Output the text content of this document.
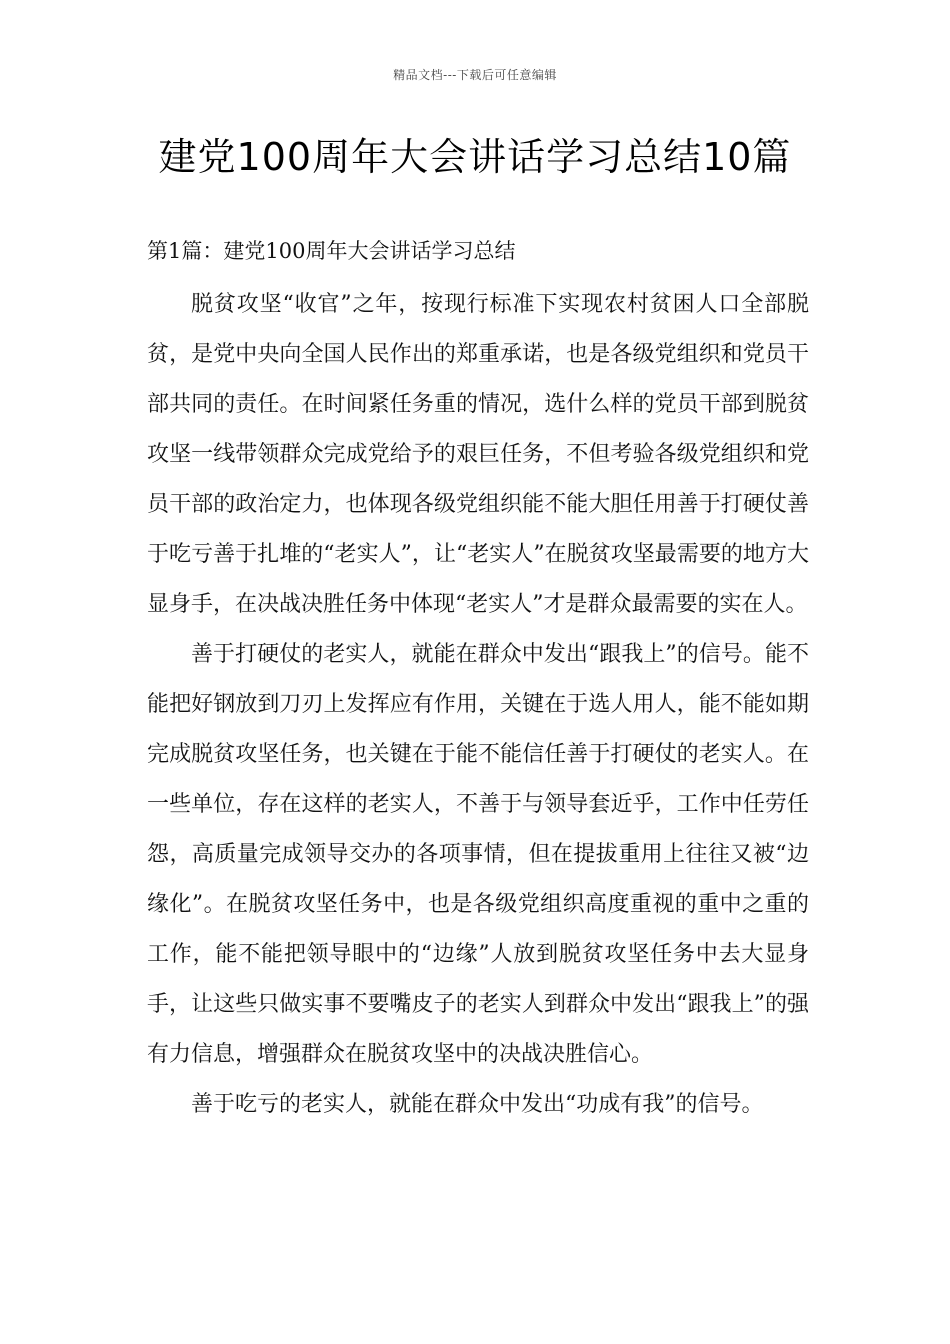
精品文档---下载后可任意编辑
建党100周年大会讲话学习总结10篇
第1篇：建党100周年大会讲话学习总结

脱贫攻坚“收官”之年，按现行标准下实现农村贫困人口全部脱贫，是党中央向全国人民作出的郑重承诺，也是各级党组织和党员干部共同的责任。在时间紧任务重的情况，选什么样的党员干部到脱贫攻坚一线带领群众完成党给予的艰巨任务，不但考验各级党组织和党员干部的政治定力，也体现各级党组织能不能大胆任用善于打硬仗善于吃亏善于扎堆的“老实人”，让“老实人”在脱贫攻坚最需要的地方大显身手，在决战决胜任务中体现“老实人”才是群众最需要的实在人。

善于打硬仗的老实人，就能在群众中发出“跟我上”的信号。能不能把好钢放到刀刃上发挥应有作用，关键在于选人用人，能不能如期完成脱贫攻坚任务，也关键在于能不能信任善于打硬仗的老实人。在一些单位，存在这样的老实人，不善于与领导套近乎，工作中任劳任怨，高质量完成领导交办的各项事情，但在提拔重用上往往又被“边缘化”。在脱贫攻坚任务中，也是各级党组织高度重视的重中之重的工作，能不能把领导眼中的“边缘”人放到脱贫攻坚任务中去大显身手，让这些只做实事不要嘴皮子的老实人到群众中发出“跟我上”的强有力信息，增强群众在脱贫攻坚中的决战决胜信心。

善于吃亏的老实人，就能在群众中发出“功成有我”的信号。
